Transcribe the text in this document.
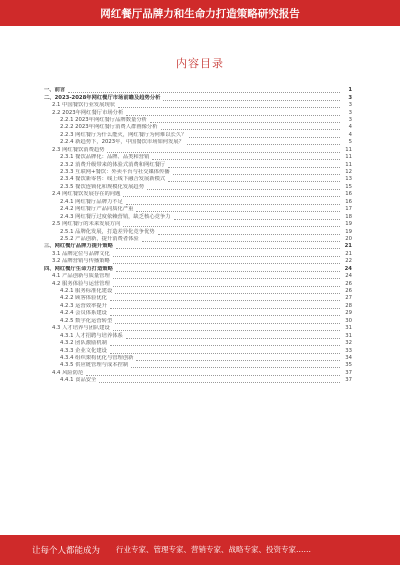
网红餐厅品牌力和生命力打造策略研究报告
内容目录
一、前言	1
二、2023-2028年网红餐厅市场前瞻及趋势分析	3
2.1 中国餐饮行业发展现状	3
2.2 2023年网红餐厅市场分析	3
2.2.1 2023年网红餐厅品牌数量分析	3
2.2.2 2023年网红餐厅消费人群画像分析	4
2.2.3 网红餐厅为什么能火，网红餐厅为何难以长久？	4
2.2.4 新趋势下，2023年，中国餐饮市场如何发展？	5
2.3 网红餐饮消费趋势	11
2.3.1 餐饮品牌化：品牌、品类和营销	11
2.3.2 消费升级带来的体验式消费和网红餐厅	11
2.3.3 互联网+餐饮：外卖平台与社交媒体传播	12
2.3.4 餐饮新零售：线上线下融合发展新模式	13
2.3.5 餐饮连锁化和规模化发展趋势	15
2.4 网红餐饮发展存在的问题	16
2.4.1 网红餐厅品牌力不足	16
2.4.2 网红餐厅产品同质化严重	17
2.4.3 网红餐厅过度依赖营销，缺乏核心竞争力	18
2.5 网红餐厅的未来发展方向	19
2.5.1 品牌化发展，打造差异化竞争优势	19
2.5.2 产品创新，提升消费者体验	20
三、网红餐厅品牌力提升策略	21
3.1 品牌定位与品牌文化	21
3.2 品牌营销与传播策略	22
四、网红餐厅生命力打造策略	24
4.1 产品创新与质量管理	24
4.2 服务体验与运营管理	26
4.2.1 服务标准化建设	26
4.2.2 顾客体验优化	27
4.2.3 运营效率提升	28
4.2.4 会员体系建设	29
4.2.5 数字化运营转型	30
4.3 人才培养与团队建设	31
4.3.1 人才招聘与培养体系	31
4.3.2 团队激励机制	32
4.3.3 企业文化建设	33
4.3.4 组织架构优化与管理创新	34
4.3.5 供应链管理与成本控制	35
4.4 风险防范	37
4.4.1 食品安全	37
让每个人都能成为 行业专家、管理专家、营销专家、战略专家、投资专家……
